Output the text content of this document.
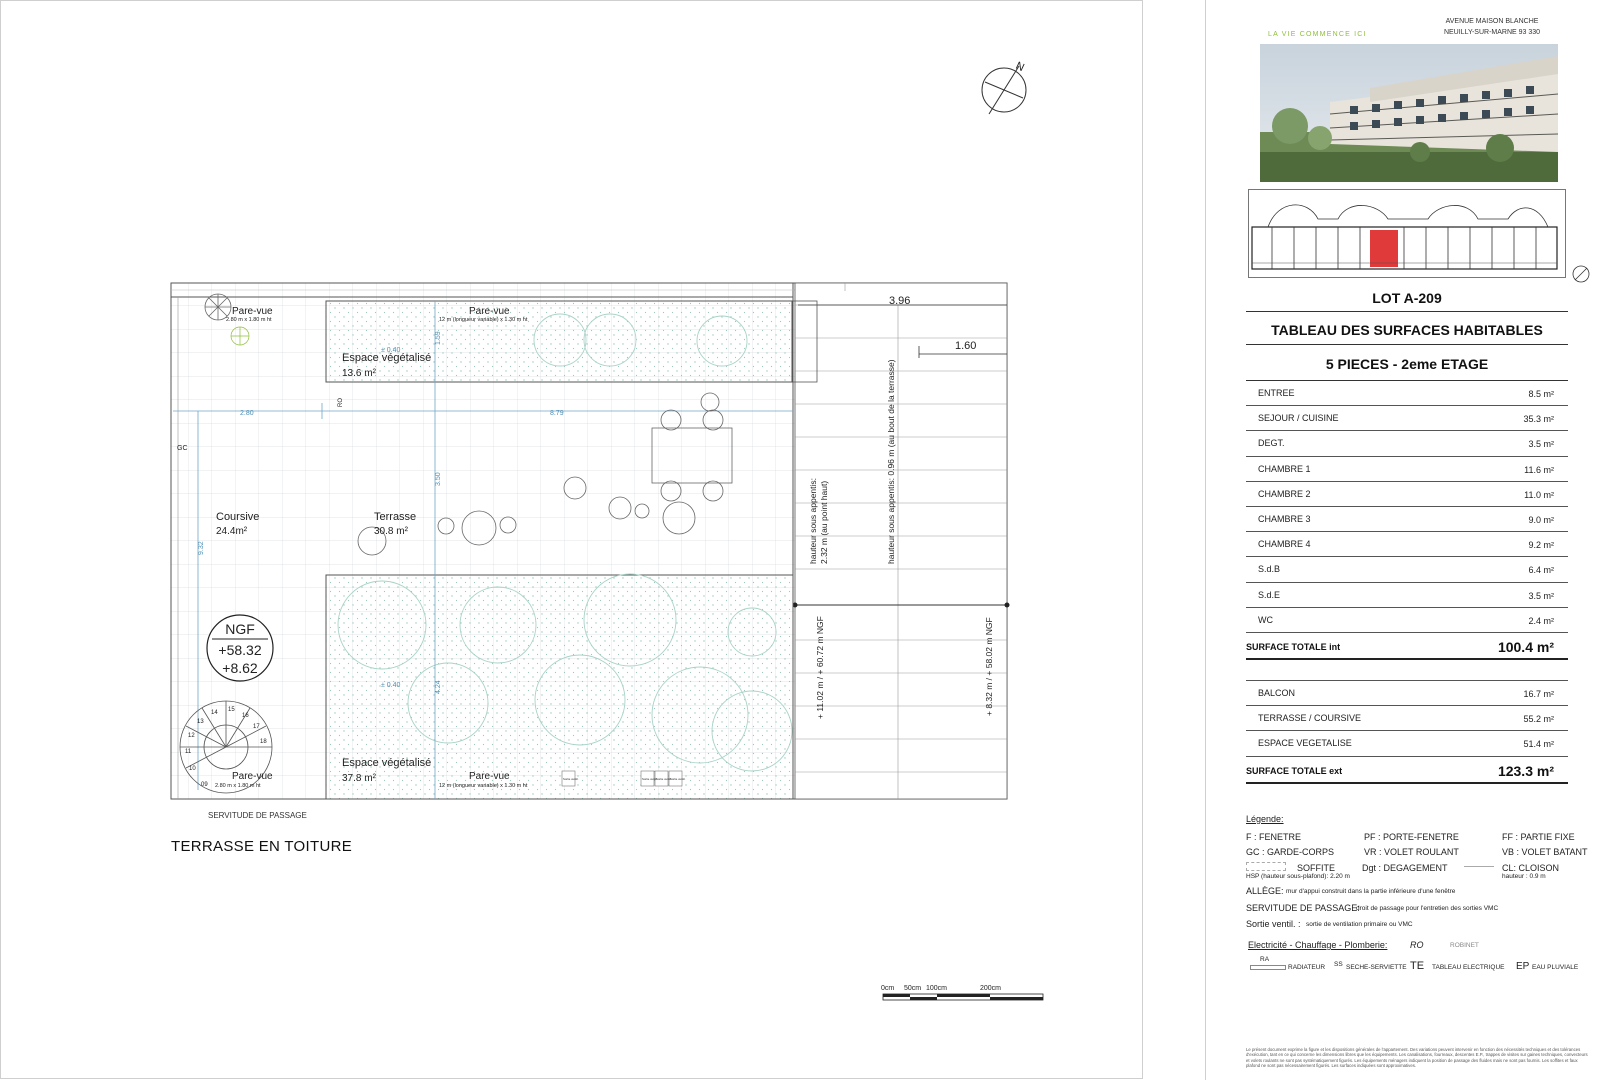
N
Coursive
24.4m²
Terrasse
30.8 m²
Espace végétalisé
13.6 m²
Espace végétalisé
37.8 m²
Pare-vue
2.80 m x 1.80 m ht
Pare-vue
12 m (longueur variable) x 1.30 m ht
Pare-vue
2.80 m x 1.80 m ht
Pare-vue
12 m (longueur variable) x 1.30 m ht
2.80	8.79
9.32
3.50
1.59
4.24
3.96
1.60
± 0.40
± 0.40
GC
RO
hauteur sous appentis: 2.32 m (au point haut)	hauteur sous appentis: 0.96 m (au bout de la terrasse)
+ 11.02 m / + 60.72 m NGF	+ 8.32 m / + 58.02 m NGF
NGF
+58.32
+8.62
09
10
11
12
13
14 15
16
17
18
Sortie ventil.	Sortie ventil.
Sortie ventil.
Sortie ventil.
0cm 50cm 100cm	200cm
SERVITUDE DE PASSAGE
TERRASSE EN TOITURE
LA VIE COMMENCE ICI
AVENUE MAISON BLANCHE
NEUILLY-SUR-MARNE 93 330
LOT A-209
TABLEAU DES SURFACES HABITABLES
5 PIECES - 2eme ETAGE
ENTREE	8.5 m²
SEJOUR / CUISINE	35.3 m²
DEGT.	3.5 m²
CHAMBRE 1	11.6 m²
CHAMBRE 2	11.0 m²
CHAMBRE 3	9.0 m²
CHAMBRE 4	9.2 m²
S.d.B	6.4 m²
S.d.E	3.5 m²
WC	2.4 m²
SURFACE TOTALE int	100.4 m²
BALCON	16.7 m²
TERRASSE / COURSIVE	55.2 m²
ESPACE VEGETALISE	51.4 m²
SURFACE TOTALE ext	123.3 m²
Légende:
F : FENETRE	PF : PORTE-FENETRE	FF : PARTIE FIXE
GC : GARDE-CORPS	VR : VOLET ROULANT	VB : VOLET BATANT
SOFFITE	Dgt : DEGAGEMENT	CL: CLOISON
HSP (hauteur sous-plafond): 2.20 m	hauteur : 0.9 m
ALLÈGE: mur d'appui construit dans la partie inférieure d'une fenêtre
SERVITUDE DE PASSAGE:
droit de passage pour l'entretien des sorties VMC
Sortie ventil. : sortie de ventilation primaire ou VMC
Electricité - Chauffage - Plomberie:	RO	ROBINET
RA
RADIATEUR SS SECHE-SERVIETTE TE TABLEAU ELECTRIQUE EP EAU PLUVIALE
Le présent document exprime la figure et les dispositions générales de l'appartement. Des variations peuvent intervenir en fonction des nécessités techniques et des tolérances d'exécution, tant en ce qui concerne les dimensions libres que les équipements. Les canalisations, fourreaux, descentes E.P., trappes de visites sur gaines techniques, convecteurs et volets roulants ne sont pas systématiquement figurés. Les équipements ménagers indiquent la position de passage des fluides mais ne sont pas fournis. Les soffites et faux plafond ne sont pas nécessairement figurés. Les surfaces indiquées sont approximatives.
